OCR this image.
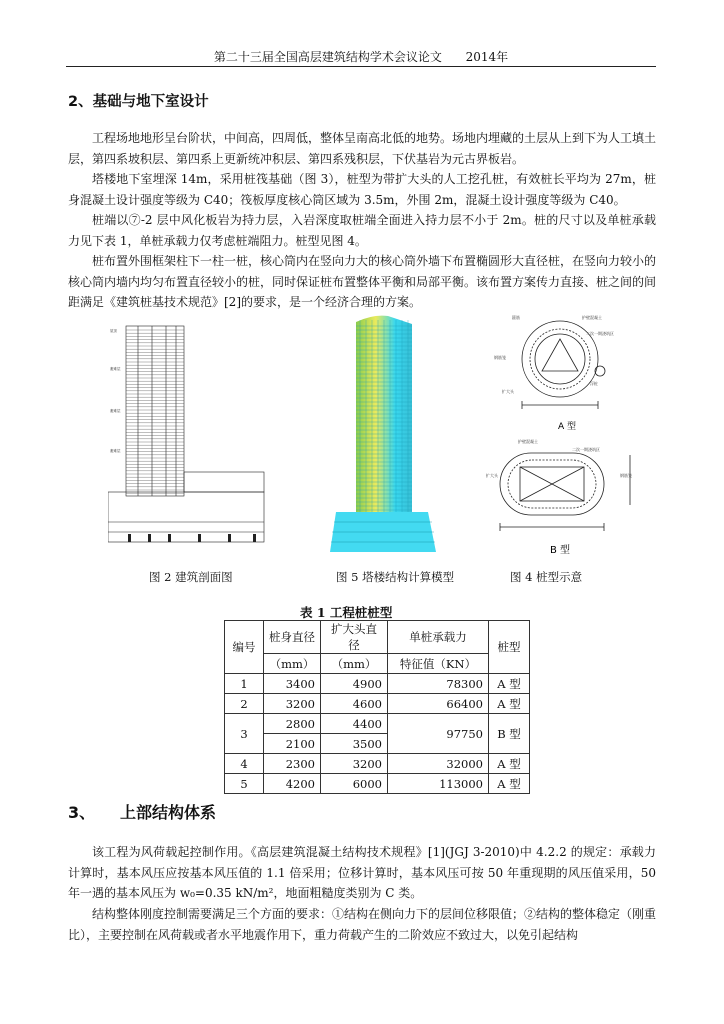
第二十三届全国高层建筑结构学术会议论文 2014年
2、基础与地下室设计
工程场地地形呈台阶状，中间高，四周低，整体呈南高北低的地势。场地内埋藏的土层从上到下为人工填土层，第四系坡积层、第四系上更新统冲积层、第四系残积层，下伏基岩为元古界板岩。
塔楼地下室埋深 14m，采用桩筏基础（图 3），桩型为带扩大头的人工挖孔桩，有效桩长平均为 27m，桩身混凝土设计强度等级为 C40；筏板厚度核心筒区域为 3.5m，外围 2m，混凝土设计强度等级为 C40。
桩端以⑦-2 层中风化板岩为持力层，入岩深度取桩端全面进入持力层不小于 2m。桩的尺寸以及单桩承载力见下表 1，单桩承载力仅考虑桩端阻力。桩型见图 4。
桩布置外围框架柱下一柱一桩，核心筒内在竖向力大的核心筒外墙下布置椭圆形大直径桩，在竖向力较小的核心筒内墙内均匀布置直径较小的桩，同时保证桩布置整体平衡和局部平衡。该布置方案传力直接、桩之间的间距满足《建筑桩基技术规范》[2]的要求，是一个经济合理的方案。
屋顶
避难层
避难层
避难层
箍筋	护壁混凝土
二次一期浇筑区
钢筋笼
扩大头
浮桩
护壁混凝土
二次一期浇筑区
扩大头	钢筋笼
A 型
B 型
图 2 建筑剖面图	图 5 塔楼结构计算模型	图 4 桩型示意
表 1 工程桩桩型
编号	桩身直径	扩大头直径	单桩承载力	桩型
	（mm）	（mm）	特征值（KN）	
1	3400	4900	78300	A 型
2	3200	4600	66400	A 型
3	2800	4400	97750	B 型
	2100	3500		
4	2300	3200	32000	A 型
5	4200	6000	113000	A 型
3、 上部结构体系
该工程为风荷载起控制作用。《高层建筑混凝土结构技术规程》[1](JGJ 3-2010)中 4.2.2 的规定：承载力计算时，基本风压应按基本风压值的 1.1 倍采用；位移计算时，基本风压可按 50 年重现期的风压值采用，50 年一遇的基本风压为 w₀=0.35 kN/m²，地面粗糙度类别为 C 类。
结构整体刚度控制需要满足三个方面的要求：①结构在侧向力下的层间位移限值；②结构的整体稳定（刚重比），主要控制在风荷载或者水平地震作用下，重力荷载产生的二阶效应不致过大，以免引起结构
